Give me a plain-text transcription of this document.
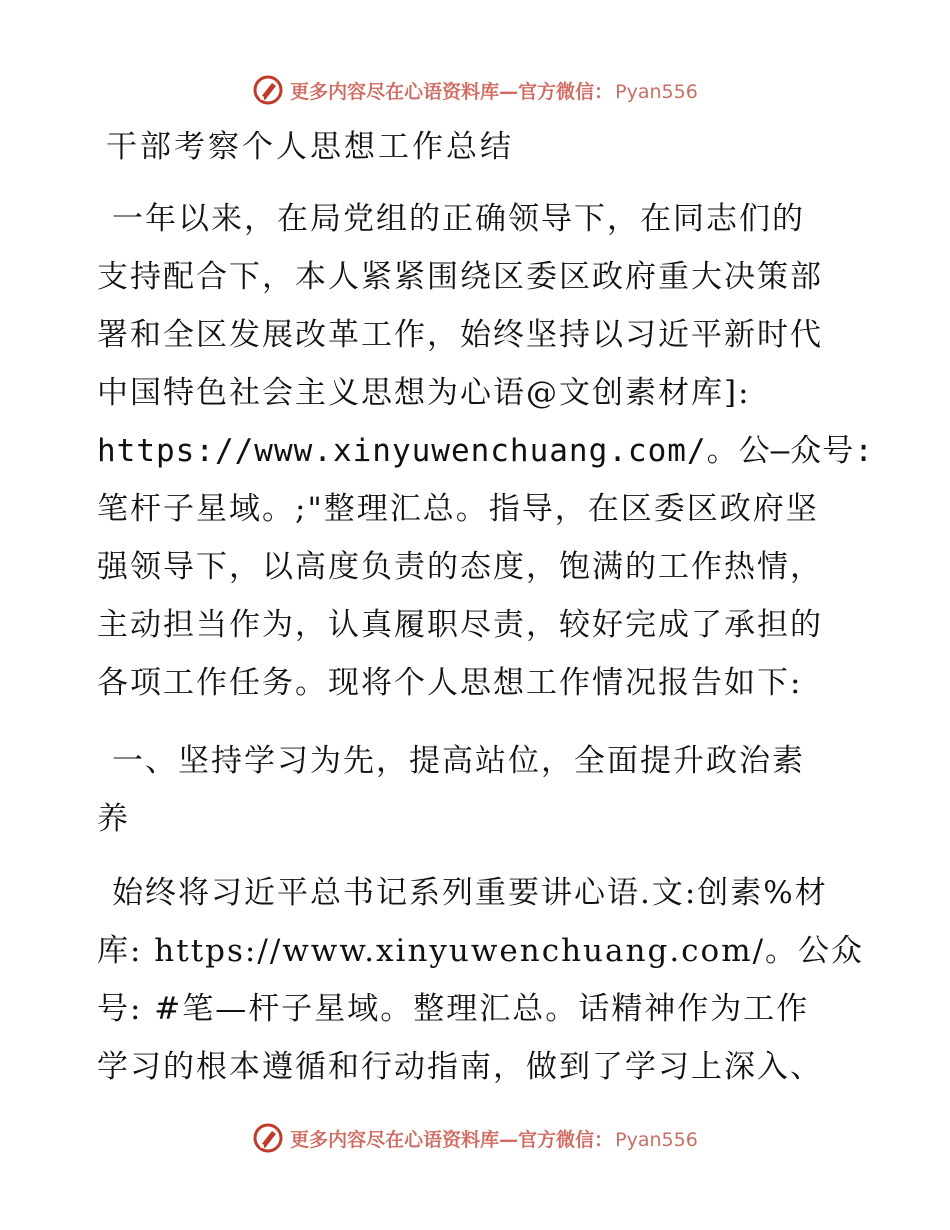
更多内容尽在心语资料库—官方微信： Pyan556
干部考察个人思想工作总结
一年以来，在局党组的正确领导下，在同志们的
支持配合下，本人紧紧围绕区委区政府重大决策部
署和全区发展改革工作，始终坚持以习近平新时代
中国特色社会主义思想为心语@文创素材库]:
https://www.xinyuwenchuang.com/。公—众号:
笔杆子星域。;"整理汇总。指导，在区委区政府坚
强领导下，以高度负责的态度，饱满的工作热情，
主动担当作为，认真履职尽责，较好完成了承担的
各项工作任务。现将个人思想工作情况报告如下:
一、坚持学习为先，提高站位，全面提升政治素
养
始终将习近平总书记系列重要讲心语.文:创素%材
库: https://www.xinyuwenchuang.com/。公众
号: #笔—杆子星域。整理汇总。话精神作为工作
学习的根本遵循和行动指南，做到了学习上深入、
更多内容尽在心语资料库—官方微信： Pyan556
